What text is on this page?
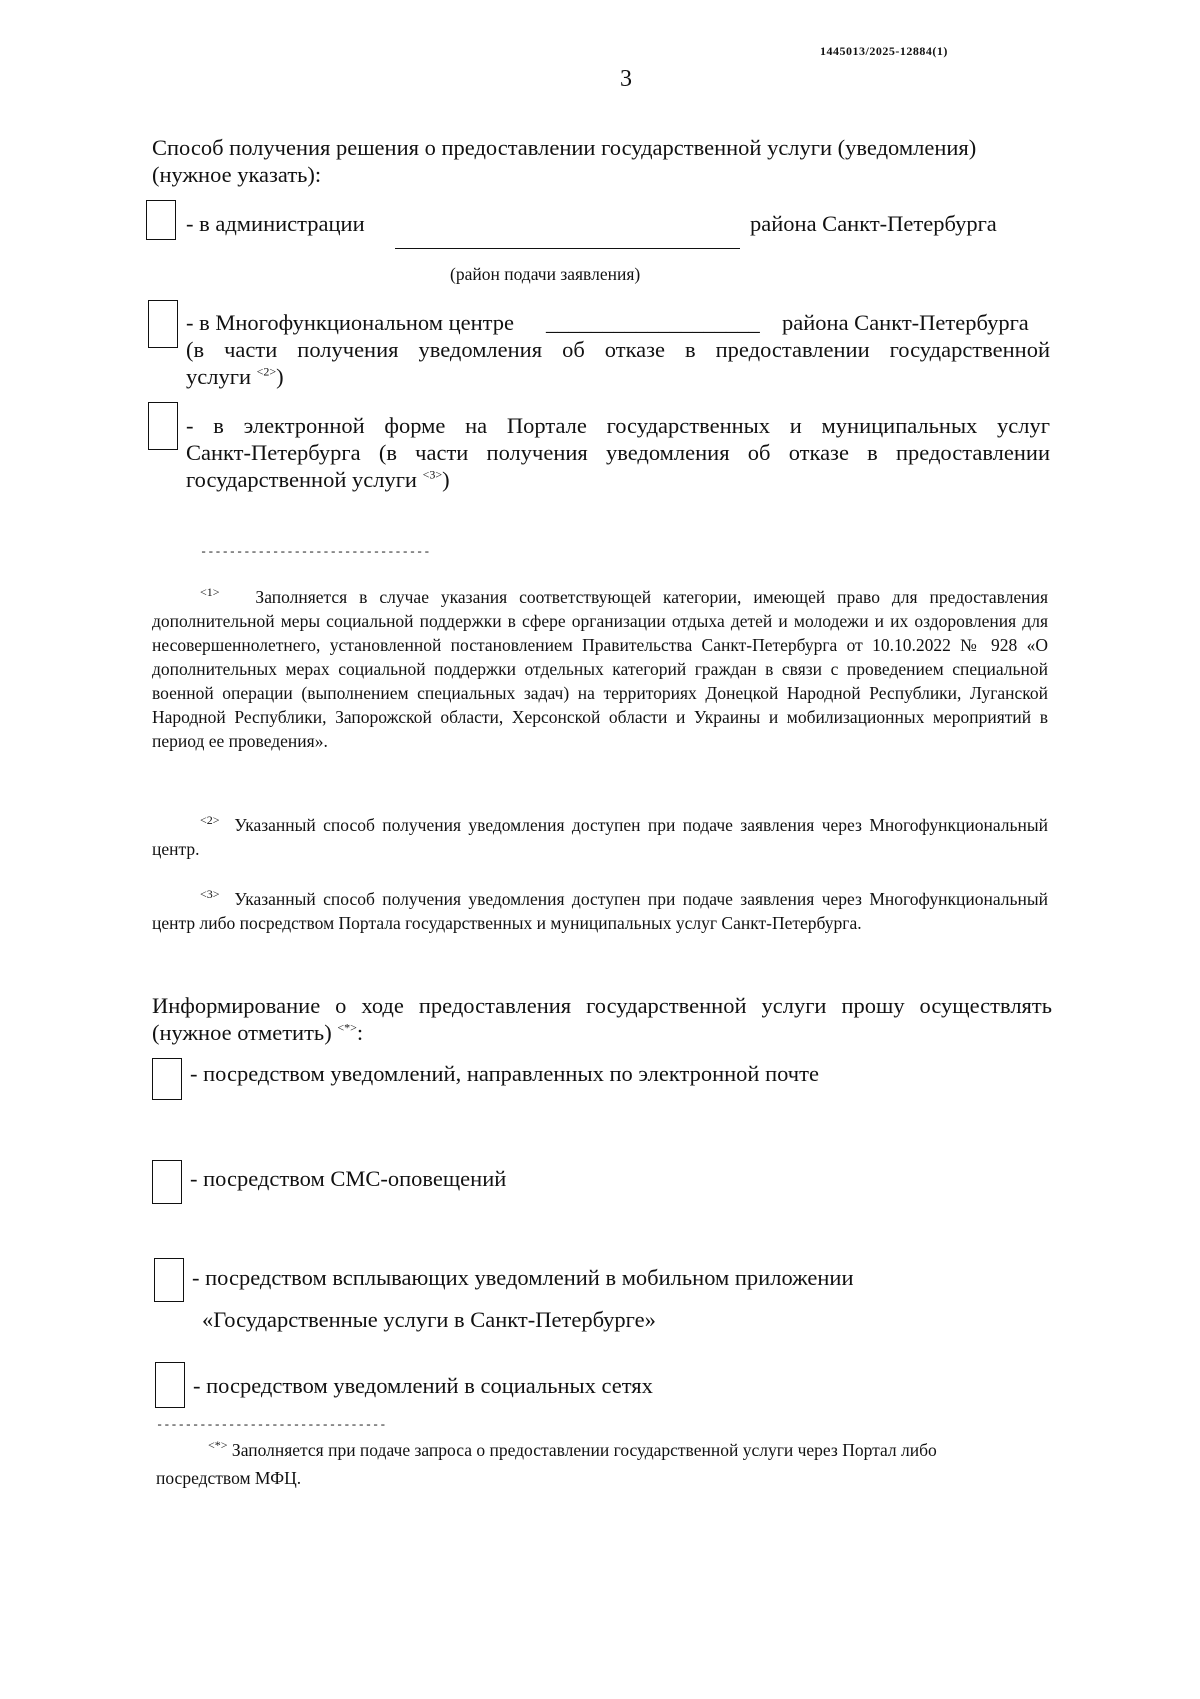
1445013/2025-12884(1)
3
Способ получения решения о предоставлении государственной услуги (уведомления)
(нужное указать):
- в администрации	района Санкт-Петербурга
(район подачи заявления)
- в Многофункциональном центре ___________________ района Санкт-Петербурга
(в части получения уведомления об отказе в предоставлении государственной
услуги $^{<2>}$)
- в электронной форме на Портале государственных и муниципальных услуг
Санкт-Петербурга (в части получения уведомления об отказе в предоставлении
государственной услуги $^{<3>}$)
--------------------------------
$^{<1>}$ Заполняется в случае указания соответствующей категории, имеющей право для предоставления дополнительной меры социальной поддержки в сфере организации отдыха детей и молодежи и их оздоровления для несовершеннолетнего, установленной постановлением Правительства Санкт-Петербурга от 10.10.2022 № 928 «О дополнительных мерах социальной поддержки отдельных категорий граждан в связи с проведением специальной военной операции (выполнением специальных задач) на территориях Донецкой Народной Республики, Луганской Народной Республики, Запорожской области, Херсонской области и Украины и мобилизационных мероприятий в период ее проведения».
$^{<2>}$ Указанный способ получения уведомления доступен при подаче заявления через Многофункциональный центр.
$^{<3>}$ Указанный способ получения уведомления доступен при подаче заявления через Многофункциональный центр либо посредством Портала государственных и муниципальных услуг Санкт-Петербурга.
Информирование о ходе предоставления государственной услуги прошу осуществлять
(нужное отметить) <*>:
- посредством уведомлений, направленных по электронной почте
- посредством СМС-оповещений
- посредством всплывающих уведомлений в мобильном приложении
«Государственные услуги в Санкт-Петербурге»
- посредством уведомлений в социальных сетях
--------------------------------
<*> Заполняется при подаче запроса о предоставлении государственной услуги через Портал либо
посредством МФЦ.
